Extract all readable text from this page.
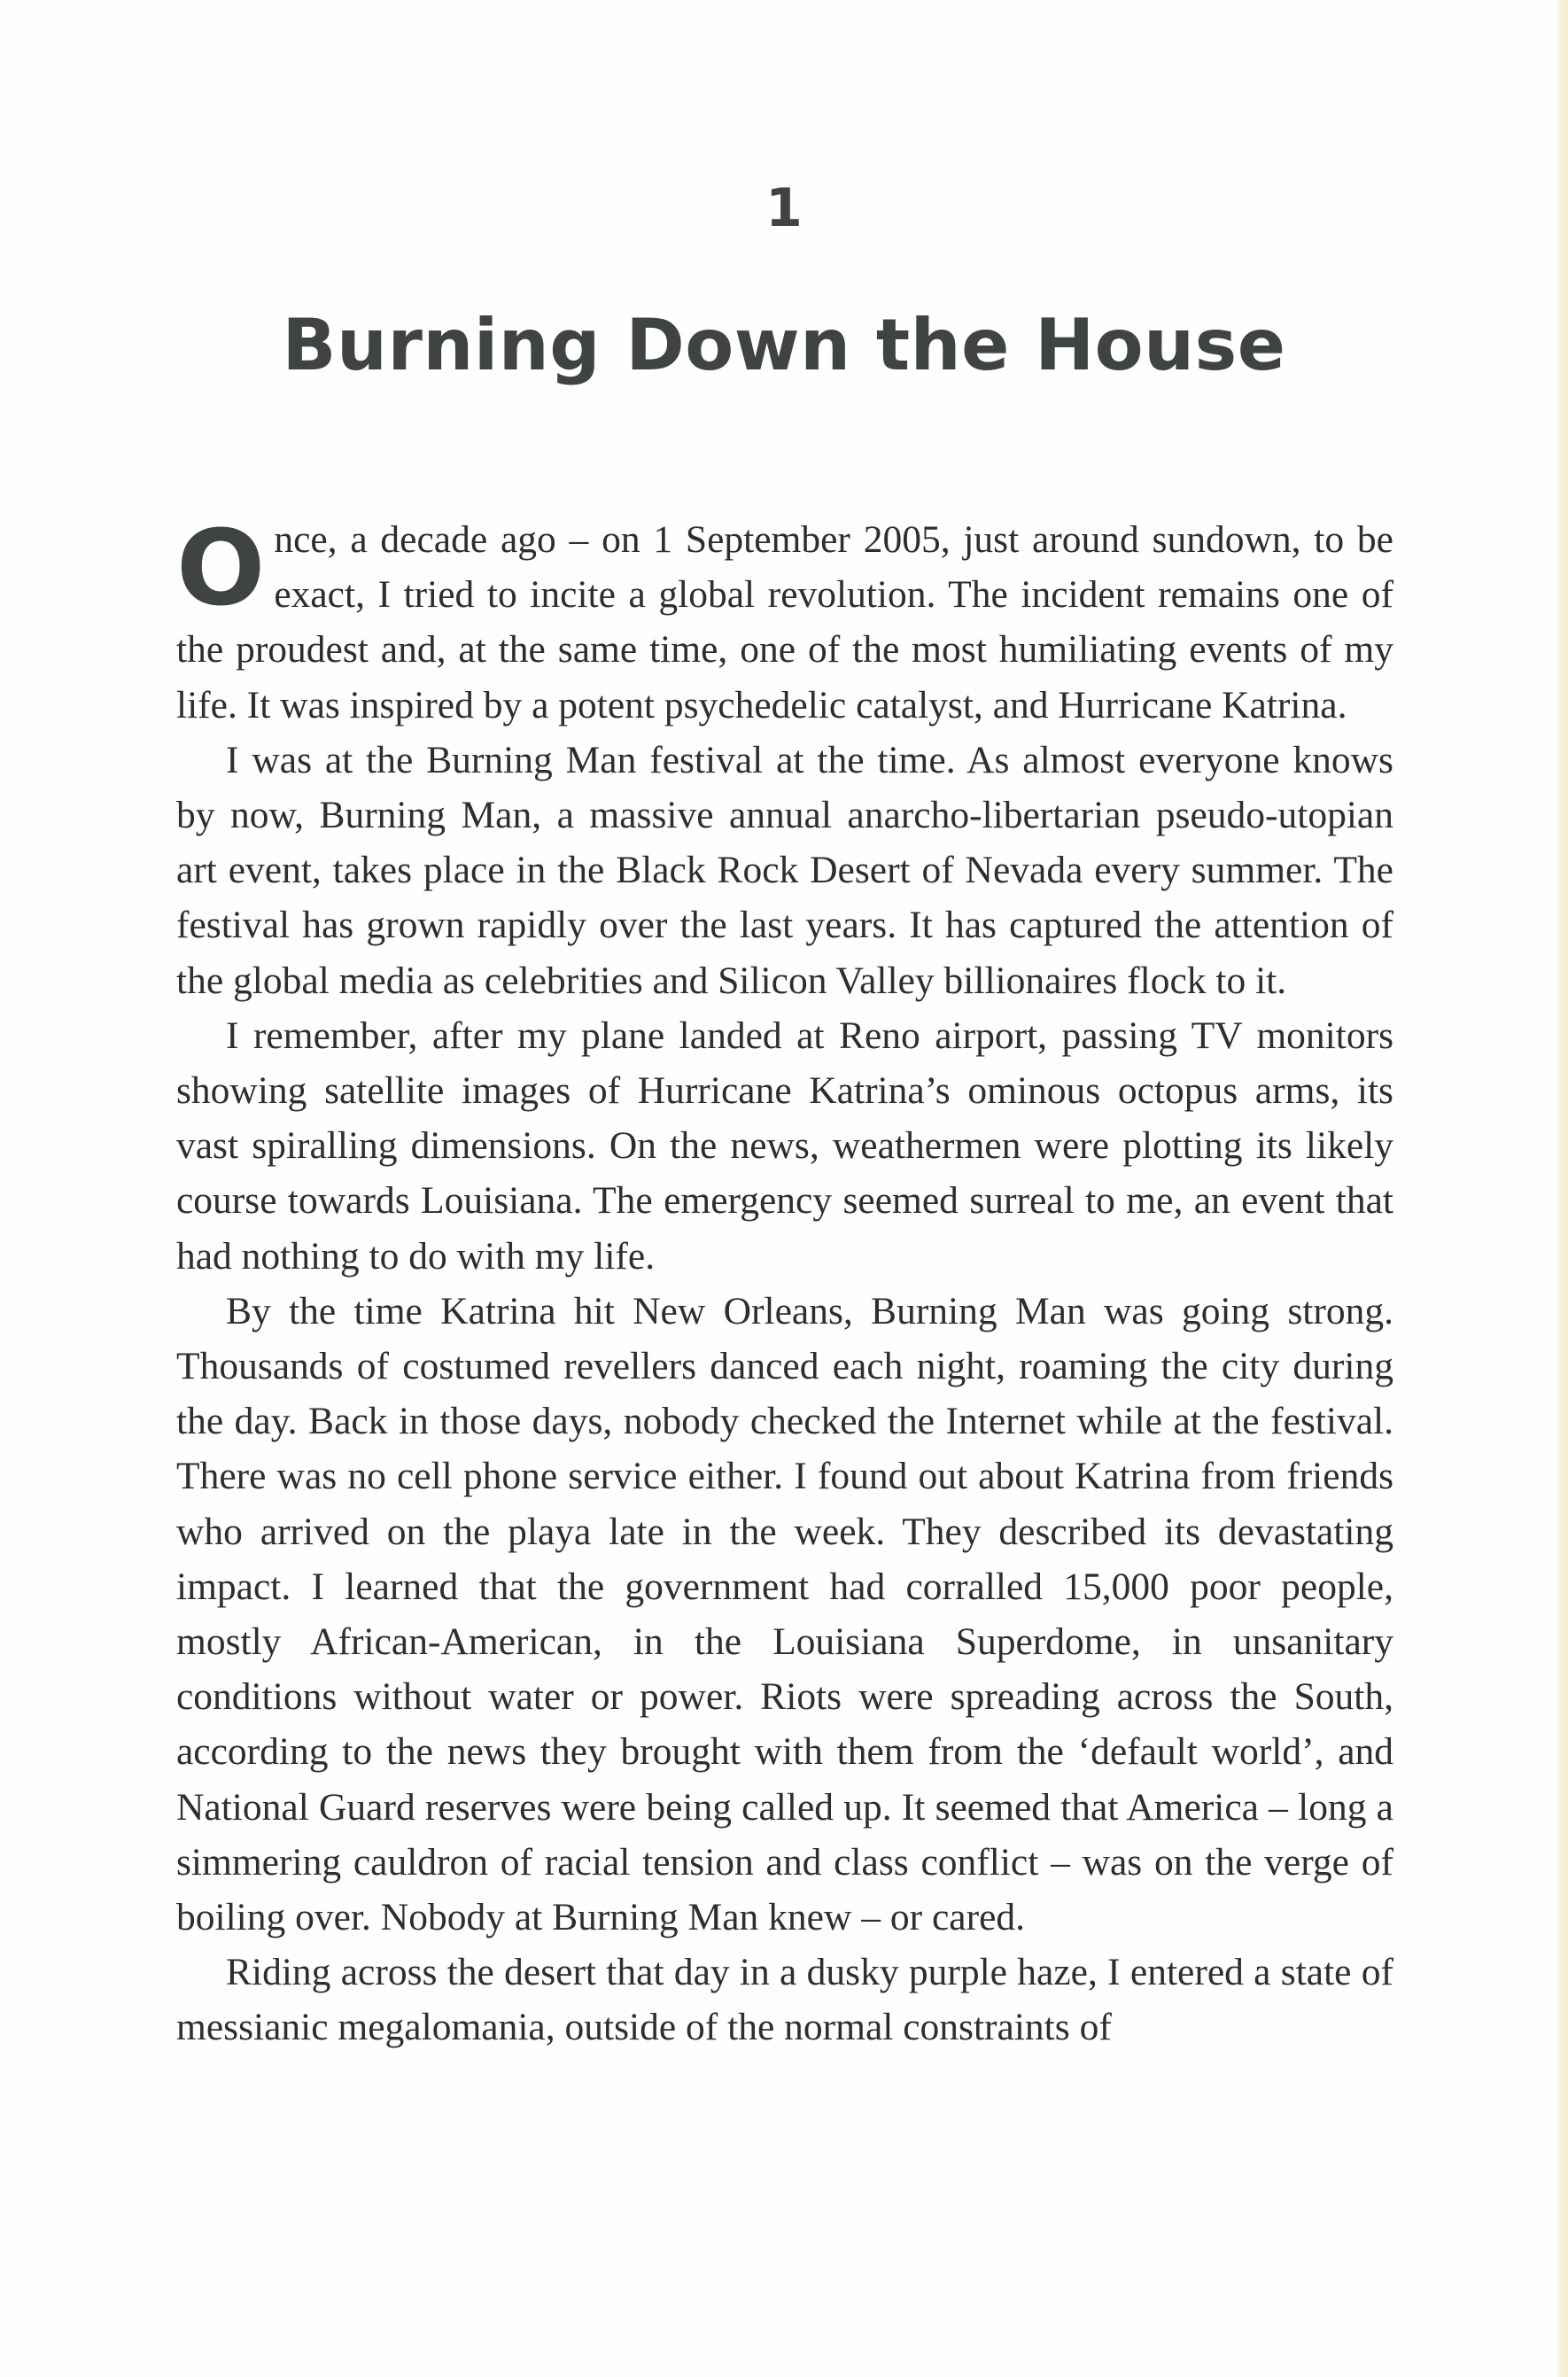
1
Burning Down the House

Once, a decade ago – on 1 September 2005, just around sundown, to be exact, I tried to incite a global revolution. The incident remains one of the proudest and, at the same time, one of the most humiliating events of my life. It was inspired by a potent psychedelic catalyst, and Hurricane Katrina.

I was at the Burning Man festival at the time. As almost everyone knows by now, Burning Man, a massive annual anarcho-libertarian pseudo-utopian art event, takes place in the Black Rock Desert of Nevada every summer. The festival has grown rapidly over the last years. It has captured the attention of the global media as celebrities and Silicon Valley billionaires flock to it.

I remember, after my plane landed at Reno airport, passing TV monitors showing satellite images of Hurricane Katrina’s ominous octopus arms, its vast spiralling dimensions. On the news, weathermen were plotting its likely course towards Louisiana. The emergency seemed surreal to me, an event that had nothing to do with my life.

By the time Katrina hit New Orleans, Burning Man was going strong. Thousands of costumed revellers danced each night, roaming the city during the day. Back in those days, nobody checked the Internet while at the festival. There was no cell phone service either. I found out about Katrina from friends who arrived on the playa late in the week. They described its devastating impact. I learned that the government had corralled 15,000 poor people, mostly African-American, in the Louisiana Superdome, in unsanitary conditions without water or power. Riots were spreading across the South, according to the news they brought with them from the ‘default world’, and National Guard reserves were being called up. It seemed that America – long a simmering cauldron of racial tension and class conflict – was on the verge of boiling over. Nobody at Burning Man knew – or cared.

Riding across the desert that day in a dusky purple haze, I entered a state of messianic megalomania, outside of the normal constraints of
